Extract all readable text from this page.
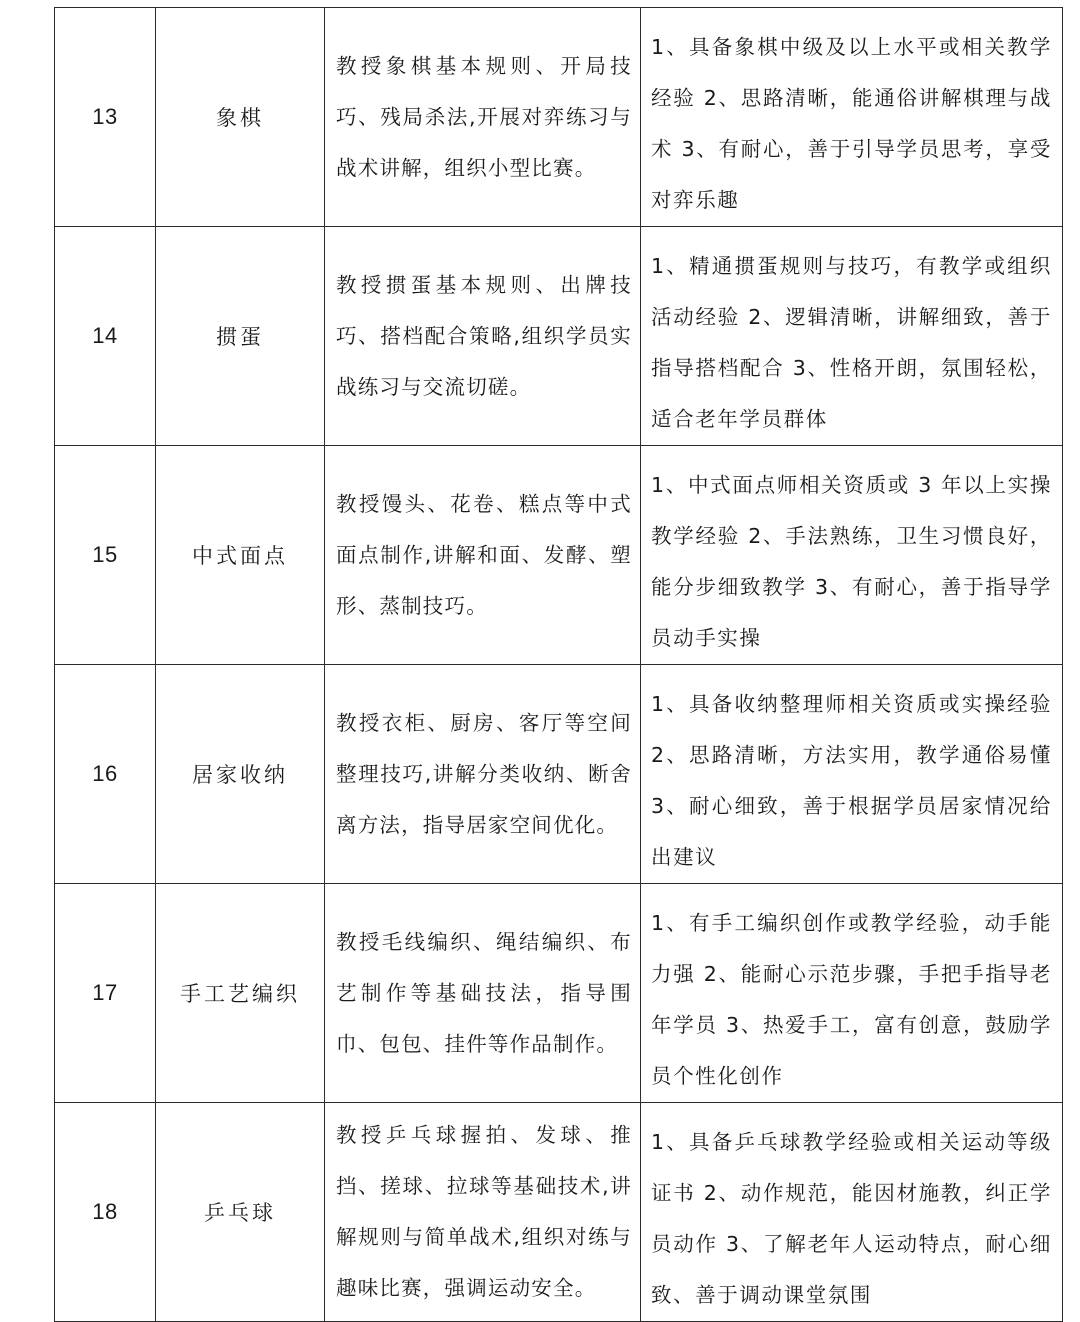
13	象棋	教授象棋基本规则、开局技巧、残局杀法,开展对弈练习与战术讲解，组织小型比赛。	1、具备象棋中级及以上水平或相关教学经验 2、思路清晰，能通俗讲解棋理与战术 3、有耐心，善于引导学员思考，享受对弈乐趣
14	掼蛋	教授掼蛋基本规则、出牌技巧、搭档配合策略,组织学员实战练习与交流切磋。	1、精通掼蛋规则与技巧，有教学或组织活动经验 2、逻辑清晰，讲解细致，善于指导搭档配合 3、性格开朗，氛围轻松，适合老年学员群体
15	中式面点	教授馒头、花卷、糕点等中式面点制作,讲解和面、发酵、塑形、蒸制技巧。	1、中式面点师相关资质或 3 年以上实操教学经验 2、手法熟练，卫生习惯良好，能分步细致教学 3、有耐心，善于指导学员动手实操
16	居家收纳	教授衣柜、厨房、客厅等空间整理技巧,讲解分类收纳、断舍离方法，指导居家空间优化。	1、具备收纳整理师相关资质或实操经验 2、思路清晰，方法实用，教学通俗易懂 3、耐心细致，善于根据学员居家情况给出建议
17	手工艺编织	教授毛线编织、绳结编织、布艺制作等基础技法，指导围巾、包包、挂件等作品制作。	1、有手工编织创作或教学经验，动手能力强 2、能耐心示范步骤，手把手指导老年学员 3、热爱手工，富有创意，鼓励学员个性化创作
18	乒乓球	教授乒乓球握拍、发球、推挡、搓球、拉球等基础技术,讲解规则与简单战术,组织对练与趣味比赛，强调运动安全。	1、具备乒乓球教学经验或相关运动等级证书 2、动作规范，能因材施教，纠正学员动作 3、了解老年人运动特点，耐心细致、善于调动课堂氛围
